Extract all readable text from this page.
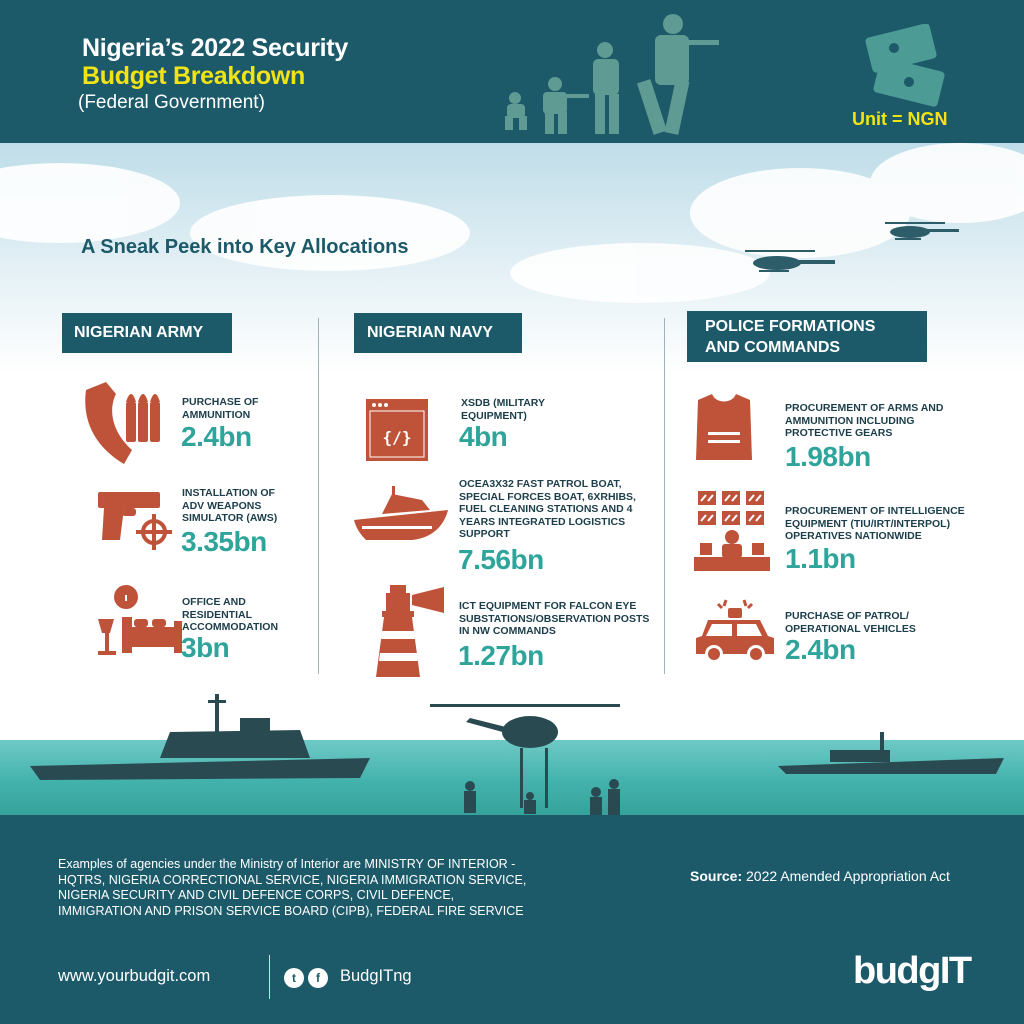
Nigeria’s 2022 Security
Budget Breakdown
(Federal Government)
Unit = NGN
A Sneak Peek into Key Allocations
NIGERIAN ARMY	NIGERIAN NAVY	POLICE FORMATIONS AND COMMANDS
PURCHASE OF AMMUNITION
2.4bn
INSTALLATION OF ADV WEAPONS SIMULATOR (AWS)
3.35bn
OFFICE AND RESIDENTIAL ACCOMMODATION
3bn
{/}
XSDB (MILITARY EQUIPMENT)
4bn
OCEA3X32 FAST PATROL BOAT, SPECIAL FORCES BOAT, 6XRHIBS, FUEL CLEANING STATIONS AND 4 YEARS INTEGRATED LOGISTICS SUPPORT
7.56bn
ICT EQUIPMENT FOR FALCON EYE SUBSTATIONS/OBSERVATION POSTS IN NW COMMANDS
1.27bn
PROCUREMENT OF ARMS AND AMMUNITION INCLUDING PROTECTIVE GEARS
1.98bn
PROCUREMENT OF INTELLIGENCE EQUIPMENT (TIU/IRT/INTERPOL) OPERATIVES NATIONWIDE
1.1bn
PURCHASE OF PATROL/ OPERATIONAL VEHICLES
2.4bn
Examples of agencies under the Ministry of Interior are MINISTRY OF INTERIOR - HQTRS, NIGERIA CORRECTIONAL SERVICE, NIGERIA IMMIGRATION SERVICE, NIGERIA SECURITY AND CIVIL DEFENCE CORPS, CIVIL DEFENCE, IMMIGRATION AND PRISON SERVICE BOARD (CIPB), FEDERAL FIRE SERVICE
Source: 2022 Amended Appropriation Act
www.yourbudgit.com	t	f	BudgITng	budgIT
